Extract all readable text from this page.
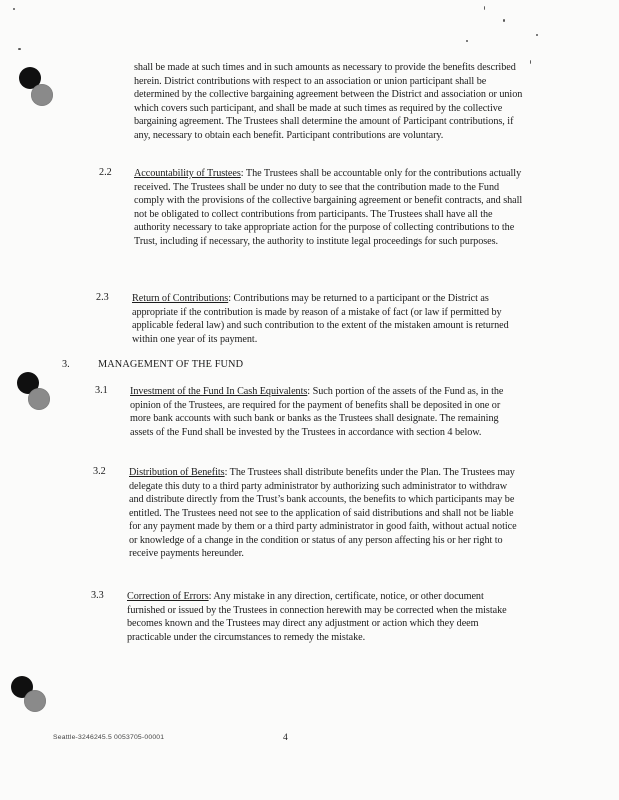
shall be made at such times and in such amounts as necessary to provide the benefits described herein. District contributions with respect to an association or union participant shall be determined by the collective bargaining agreement between the District and association or union which covers such participant, and shall be made at such times as required by the collective bargaining agreement. The Trustees shall determine the amount of Participant contributions, if any, necessary to obtain each benefit. Participant contributions are voluntary.

2.2 Accountability of Trustees: The Trustees shall be accountable only for the contributions actually received. The Trustees shall be under no duty to see that the contribution made to the Fund comply with the provisions of the collective bargaining agreement or benefit contracts, and shall not be obligated to collect contributions from participants. The Trustees shall have all the authority necessary to take appropriate action for the purpose of collecting contributions to the Trust, including if necessary, the authority to institute legal proceedings for such purposes.

2.3 Return of Contributions: Contributions may be returned to a participant or the District as appropriate if the contribution is made by reason of a mistake of fact (or law if permitted by applicable federal law) and such contribution to the extent of the mistaken amount is returned within one year of its payment.

3.	MANAGEMENT OF THE FUND
3.1 Investment of the Fund In Cash Equivalents: Such portion of the assets of the Fund as, in the opinion of the Trustees, are required for the payment of benefits shall be deposited in one or more bank accounts with such bank or banks as the Trustees shall designate. The remaining assets of the Fund shall be invested by the Trustees in accordance with section 4 below.

3.2 Distribution of Benefits: The Trustees shall distribute benefits under the Plan. The Trustees may delegate this duty to a third party administrator by authorizing such administrator to withdraw and distribute directly from the Trust’s bank accounts, the benefits to which participants may be entitled. The Trustees need not see to the application of said distributions and shall not be liable for any payment made by them or a third party administrator in good faith, without actual notice or knowledge of a change in the condition or status of any person affecting his or her right to receive payments hereunder.

3.3 Correction of Errors: Any mistake in any direction, certificate, notice, or other document furnished or issued by the Trustees in connection herewith may be corrected when the mistake becomes known and the Trustees may direct any adjustment or action which they deem practicable under the circumstances to remedy the mistake.

Seattle-3246245.5 0053705-00001	4
